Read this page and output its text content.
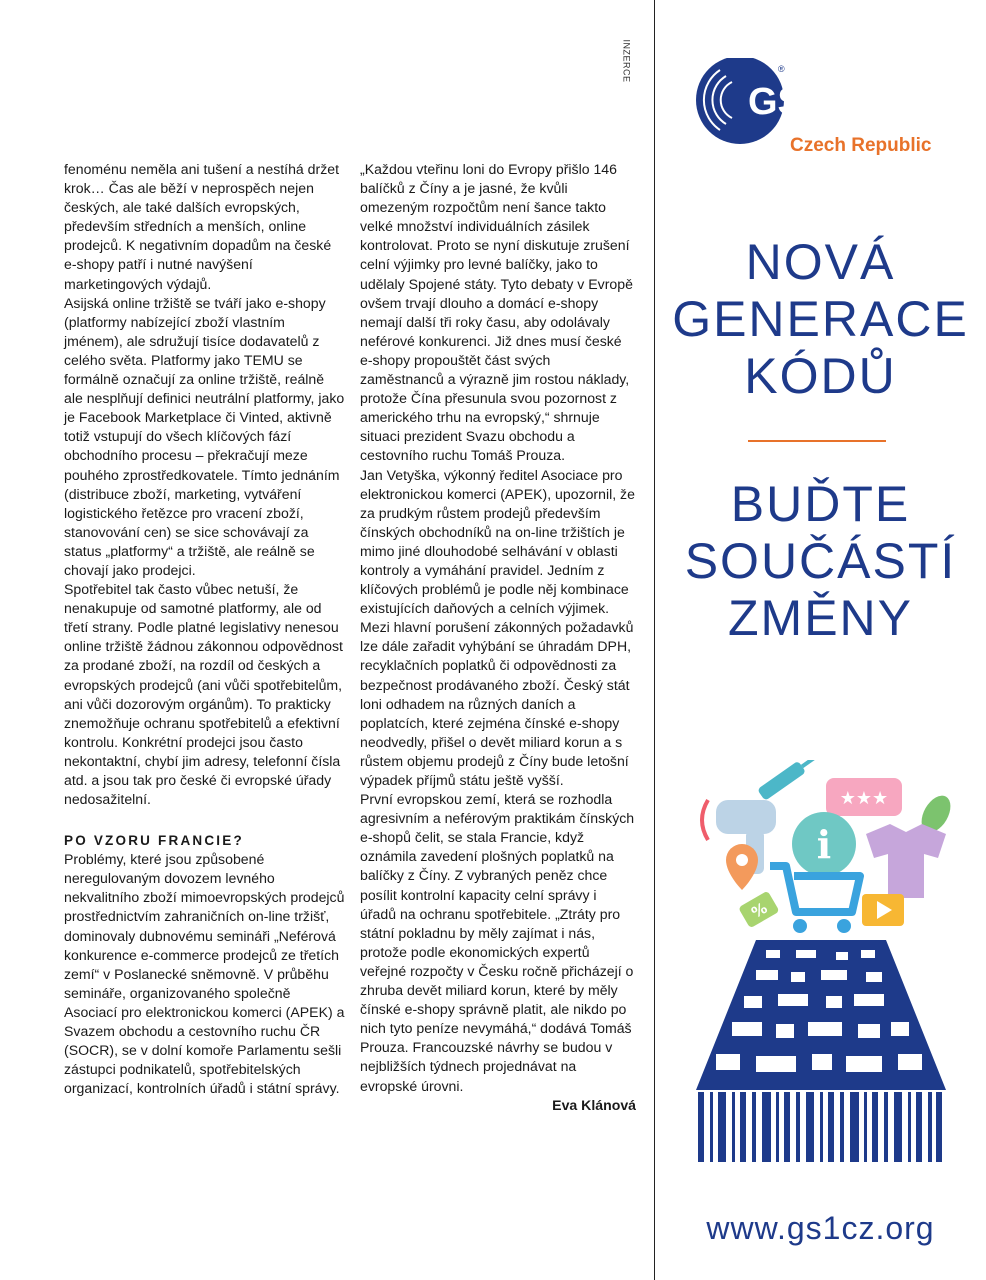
fenoménu neměla ani tušení a nestíhá držet krok… Čas ale běží v neprospěch nejen českých, ale také dalších evropských, především středních a menších, online prodejců. K negativním dopadům na české e-shopy patří i nutné navýšení marketingových výdajů.

Asijská online tržiště se tváří jako e-shopy (platformy nabízející zboží vlastním jménem), ale sdružují tisíce dodavatelů z celého světa. Platformy jako TEMU se formálně označují za online tržiště, reálně ale nesplňují definici neutrální platformy, jako je Facebook Marketplace či Vinted, aktivně totiž vstupují do všech klíčových fází obchodního procesu – překračují meze pouhého zprostředkovatele. Tímto jednáním (distribuce zboží, marketing, vytváření logistického řetězce pro vracení zboží, stanovování cen) se sice schovávají za status „platformy“ a tržiště, ale reálně se chovají jako prodejci.

Spotřebitel tak často vůbec netuší, že nenakupuje od samotné platformy, ale od třetí strany. Podle platné legislativy nenesou online tržiště žádnou zákonnou odpovědnost za prodané zboží, na rozdíl od českých a evropských prodejců (ani vůči spotřebitelům, ani vůči dozorovým orgánům). To prakticky znemožňuje ochranu spotřebitelů a efektivní kontrolu. Konkrétní prodejci jsou často nekontaktní, chybí jim adresy, telefonní čísla atd. a jsou tak pro české či evropské úřady nedosažitelní.

PO VZORU FRANCIE?

Problémy, které jsou způsobené neregulovaným dovozem levného nekvalitního zboží mimoevropských prodejců prostřednictvím zahraničních on-line tržišť, dominovaly dubnovému semináři „Neférová konkurence e-commerce prodejců ze třetích zemí“ v Poslanecké sněmovně. V průběhu semináře, organizovaného společně Asociací pro elektronickou komerci (APEK) a Svazem obchodu a cestovního ruchu ČR (SOCR), se v dolní komoře Parlamentu sešli zástupci podnikatelů, spotřebitelských organizací, kontrolních úřadů i státní správy.

„Každou vteřinu loni do Evropy přišlo 146 balíčků z Číny a je jasné, že kvůli omezeným rozpočtům není šance takto velké množství individuálních zásilek kontrolovat. Proto se nyní diskutuje zrušení celní výjimky pro levné balíčky, jako to udělaly Spojené státy. Tyto debaty v Evropě ovšem trvají dlouho a domácí e-shopy nemají další tři roky času, aby odolávaly neférové konkurenci. Již dnes musí české e-shopy propouštět část svých zaměstnanců a výrazně jim rostou náklady, protože Čína přesunula svou pozornost z amerického trhu na evropský,“ shrnuje situaci prezident Svazu obchodu a cestovního ruchu Tomáš Prouza.

Jan Vetyška, výkonný ředitel Asociace pro elektronickou komerci (APEK), upozornil, že za prudkým růstem prodejů především čínských obchodníků na on-line tržištích je mimo jiné dlouhodobé selhávání v oblasti kontroly a vymáhání pravidel. Jedním z klíčových problémů je podle něj kombinace existujících daňových a celních výjimek. Mezi hlavní porušení zákonných požadavků lze dále zařadit vyhýbání se úhradám DPH, recyklačních poplatků či odpovědnosti za bezpečnost prodávaného zboží. Český stát loni odhadem na různých daních a poplatcích, které zejména čínské e-shopy neodvedly, přišel o devět miliard korun a s růstem objemu prodejů z Číny bude letošní výpadek příjmů státu ještě vyšší.

První evropskou zemí, která se rozhodla agresivním a neférovým praktikám čínských e-shopů čelit, se stala Francie, když oznámila zavedení plošných poplatků na balíčky z Číny. Z vybraných peněz chce posílit kontrolní kapacity celní správy i úřadů na ochranu spotřebitele. „Ztráty pro státní pokladnu by měly zajímat i nás, protože podle ekonomických expertů veřejné rozpočty v Česku ročně přicházejí o zhruba devět miliard korun, které by měly čínské e-shopy správně platit, ale nikdo po nich tyto peníze nevymáhá,“ dodává Tomáš Prouza. Francouzské návrhy se budou v nejbližších týdnech projednávat na evropské úrovni.

Eva Klánová

INZERCE
GS1
®
Czech Republic
NOVÁ
GENERACE
KÓDŮ
BUĎTE
SOUČÁSTÍ
ZMĚNY
★★★
i
%
www.gs1cz.org
